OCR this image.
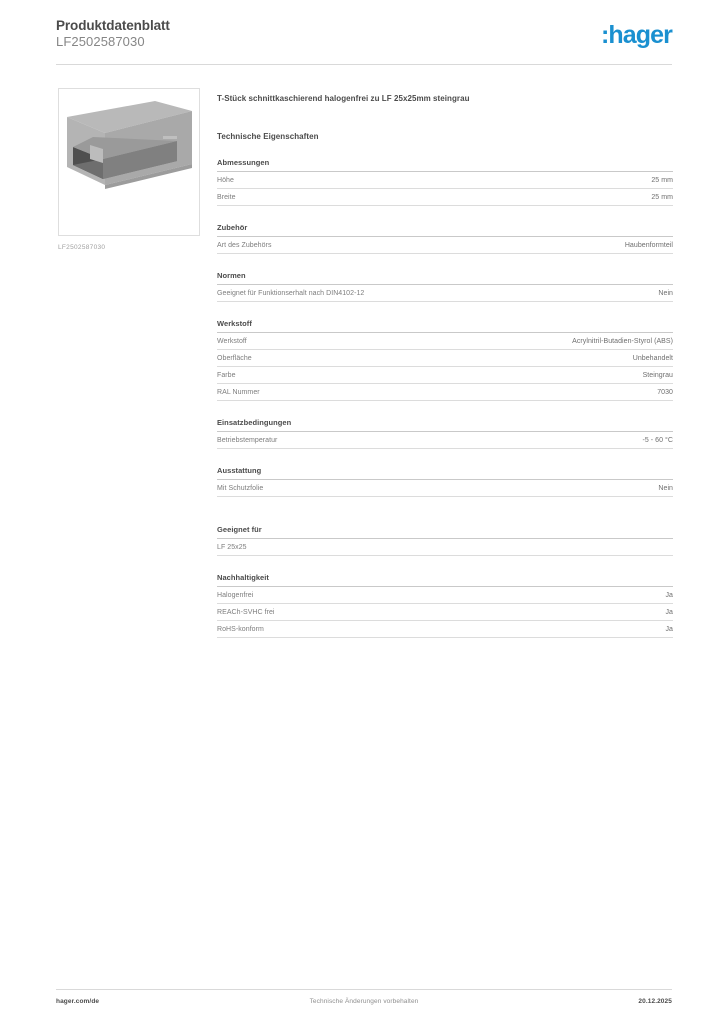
Produktdatenblatt
LF2502587030	:hager
LF2502587030
T-Stück schnittkaschierend halogenfrei zu LF 25x25mm steingrau
Technische Eigenschaften
Abmessungen
Höhe	25 mm
Breite	25 mm
Zubehör
Art des Zubehörs	Haubenformteil
Normen
Geeignet für Funktionserhalt nach DIN4102-12	Nein
Werkstoff
Werkstoff	Acrylnitril-Butadien-Styrol (ABS)
Oberfläche	Unbehandelt
Farbe	Steingrau
RAL Nummer	7030
Einsatzbedingungen
Betriebstemperatur	-5 - 60 °C
Ausstattung
Mit Schutzfolie	Nein
Geeignet für
LF 25x25
Nachhaltigkeit
Halogenfrei	Ja
REACh-SVHC frei	Ja
RoHS-konform	Ja
hager.com/de	Technische Änderungen vorbehalten	20.12.2025
